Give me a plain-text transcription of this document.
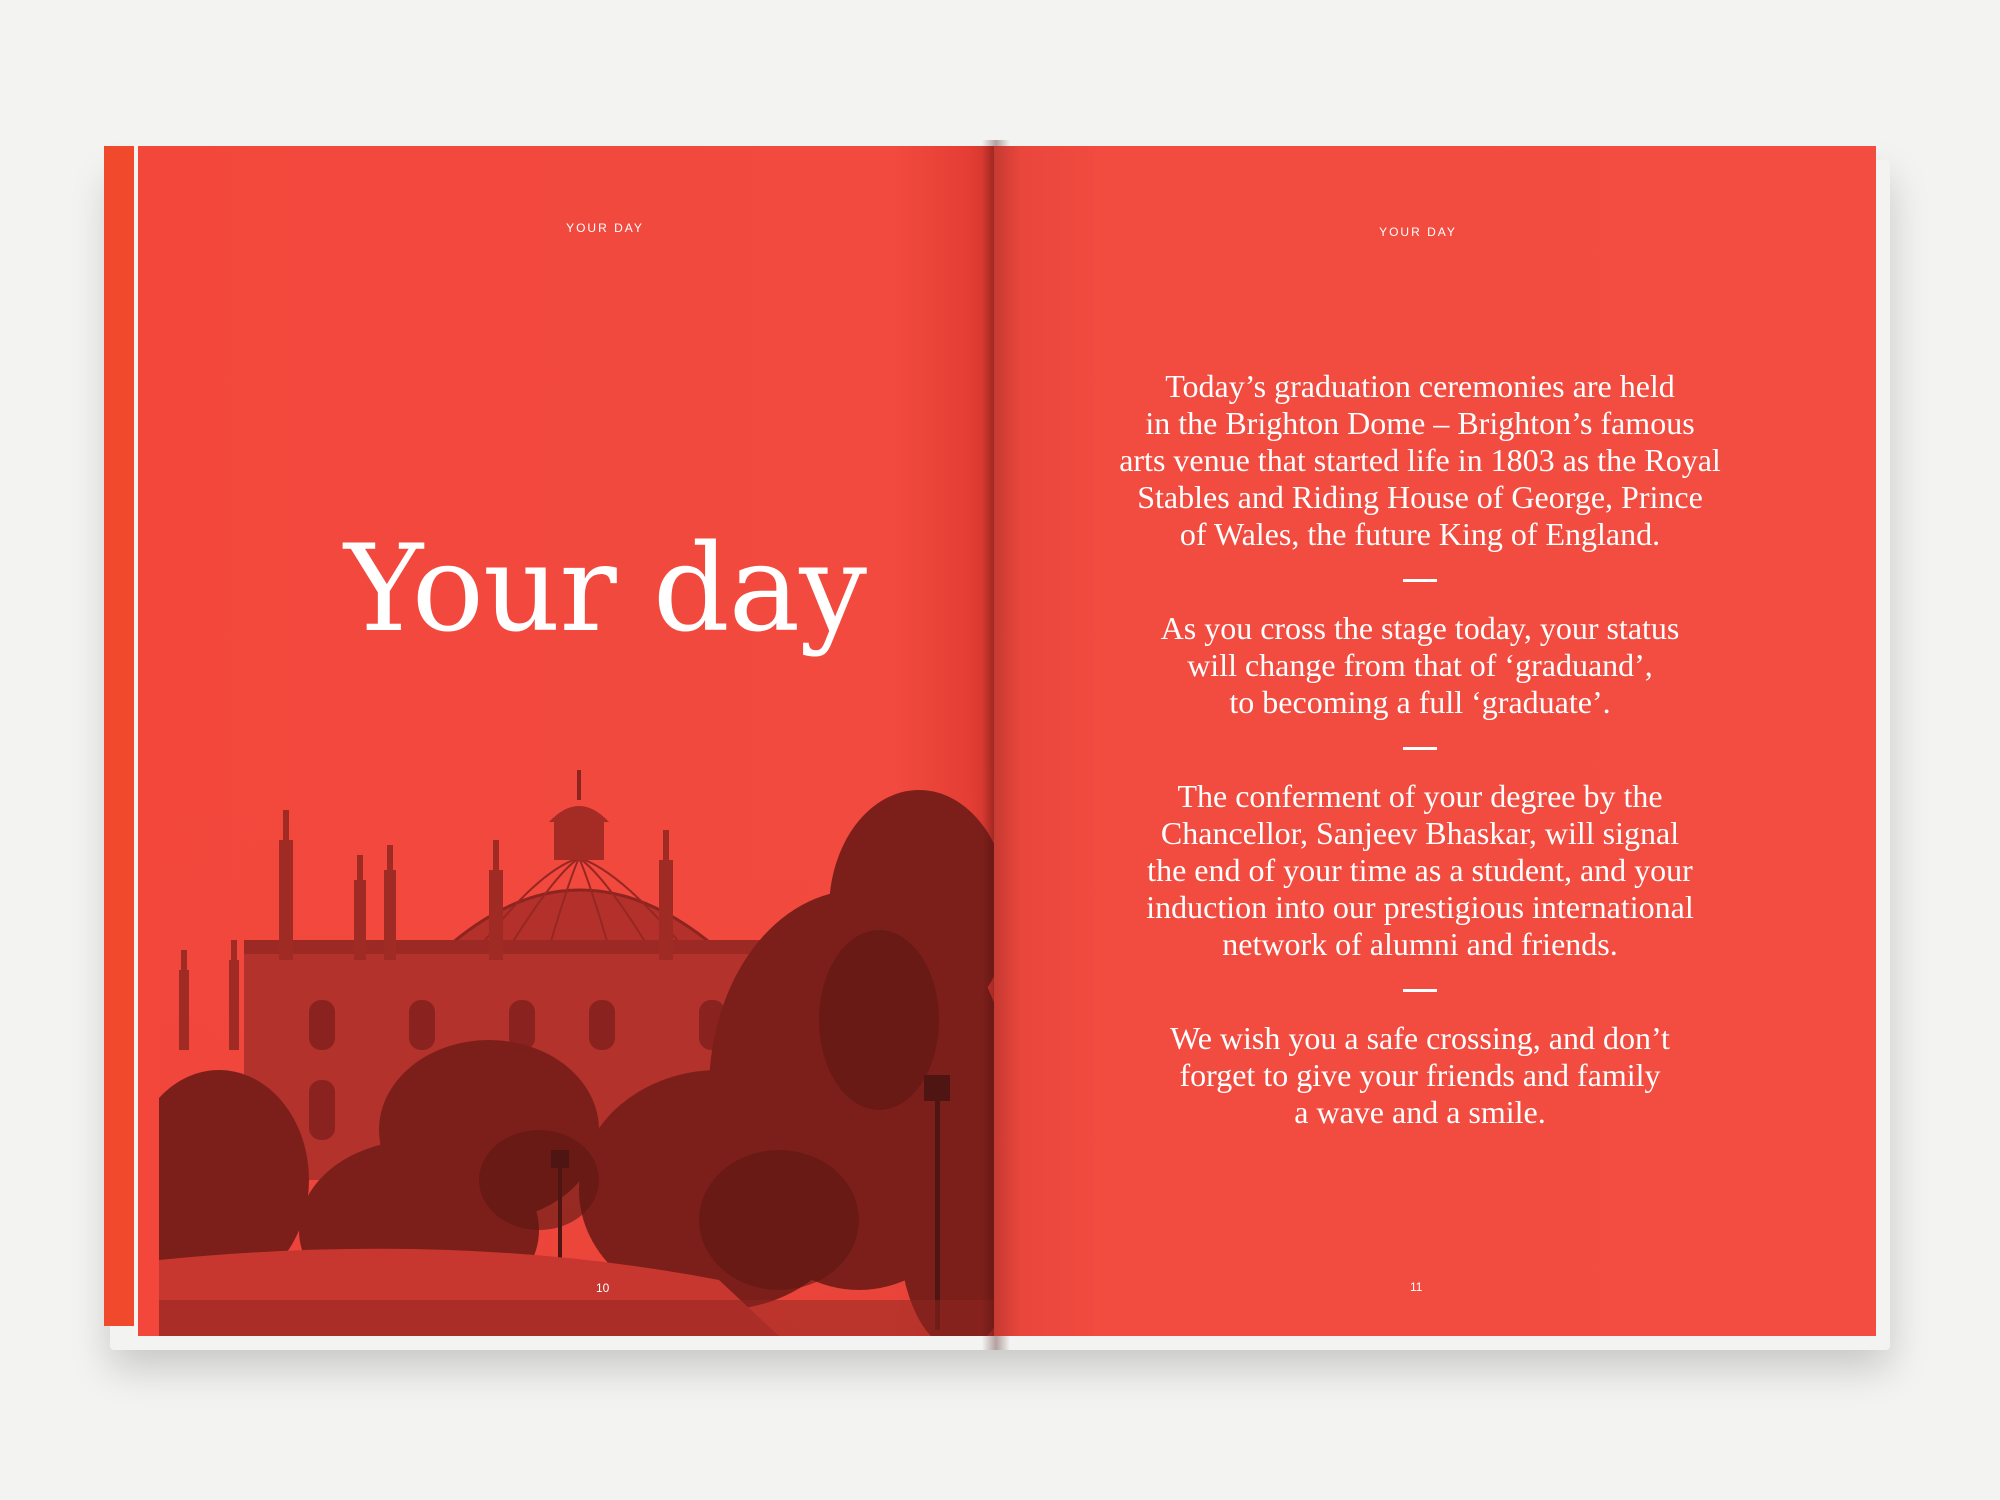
YOUR DAY
Your day
10
YOUR DAY

Today’s graduation ceremonies are held
in the Brighton Dome – Brighton’s famous
arts venue that started life in 1803 as the Royal
Stables and Riding House of George, Prince
of Wales, the future King of England.

As you cross the stage today, your status
will change from that of ‘graduand’,
to becoming a full ‘graduate’.

The conferment of your degree by the
Chancellor, Sanjeev Bhaskar, will signal
the end of your time as a student, and your
induction into our prestigious international
network of alumni and friends.

We wish you a safe crossing, and don’t
forget to give your friends and family
a wave and a smile.

11
